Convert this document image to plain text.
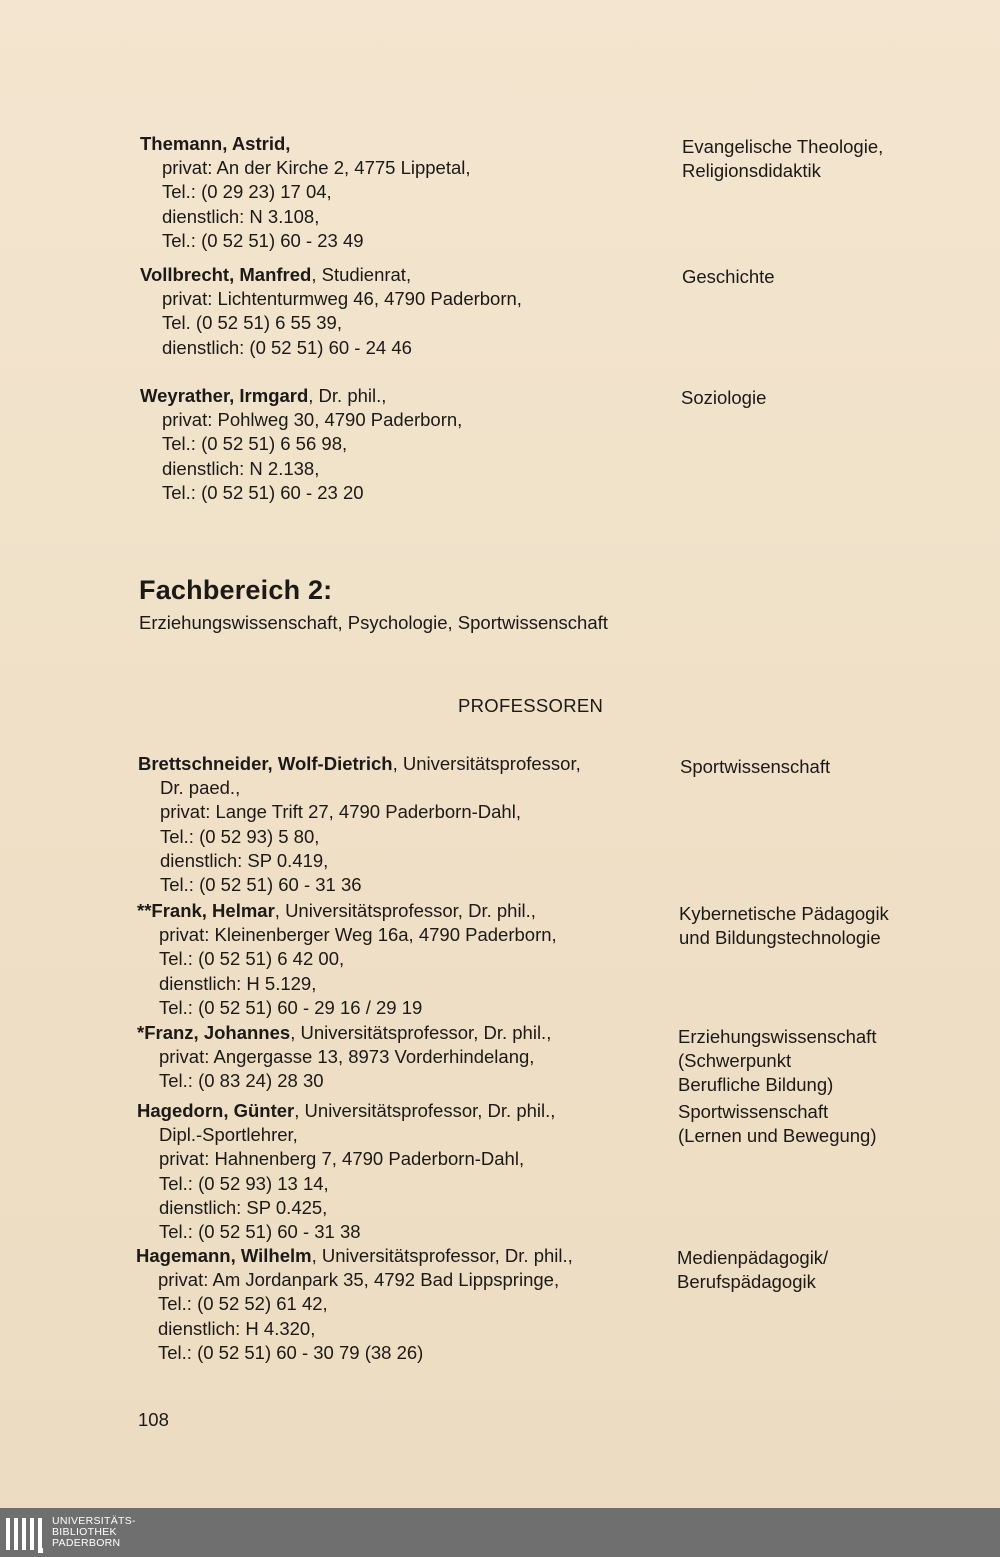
Themann, Astrid,
privat: An der Kirche 2, 4775 Lippetal,
Tel.: (0 29 23) 17 04,
dienstlich: N 3.108,
Tel.: (0 52 51) 60 - 23 49
Evangelische Theologie,
Religionsdidaktik
Vollbrecht, Manfred, Studienrat,
privat: Lichtenturmweg 46, 4790 Paderborn,
Tel. (0 52 51) 6 55 39,
dienstlich: (0 52 51) 60 - 24 46
Geschichte
Weyrather, Irmgard, Dr. phil.,
privat: Pohlweg 30, 4790 Paderborn,
Tel.: (0 52 51) 6 56 98,
dienstlich: N 2.138,
Tel.: (0 52 51) 60 - 23 20
Soziologie
Fachbereich 2:
Erziehungswissenschaft, Psychologie, Sportwissenschaft
PROFESSOREN
Brettschneider, Wolf-Dietrich, Universitätsprofessor,
Dr. paed.,
privat: Lange Trift 27, 4790 Paderborn-Dahl,
Tel.: (0 52 93) 5 80,
dienstlich: SP 0.419,
Tel.: (0 52 51) 60 - 31 36
Sportwissenschaft
**Frank, Helmar, Universitätsprofessor, Dr. phil.,
privat: Kleinenberger Weg 16a, 4790 Paderborn,
Tel.: (0 52 51) 6 42 00,
dienstlich: H 5.129,
Tel.: (0 52 51) 60 - 29 16 / 29 19
Kybernetische Pädagogik
und Bildungstechnologie
*Franz, Johannes, Universitätsprofessor, Dr. phil.,
privat: Angergasse 13, 8973 Vorderhindelang,
Tel.: (0 83 24) 28 30
Erziehungswissenschaft
(Schwerpunkt
Berufliche Bildung)
Hagedorn, Günter, Universitätsprofessor, Dr. phil.,
Dipl.-Sportlehrer,
privat: Hahnenberg 7, 4790 Paderborn-Dahl,
Tel.: (0 52 93) 13 14,
dienstlich: SP 0.425,
Tel.: (0 52 51) 60 - 31 38
Sportwissenschaft
(Lernen und Bewegung)
Hagemann, Wilhelm, Universitätsprofessor, Dr. phil.,
privat: Am Jordanpark 35, 4792 Bad Lippspringe,
Tel.: (0 52 52) 61 42,
dienstlich: H 4.320,
Tel.: (0 52 51) 60 - 30 79 (38 26)
Medienpädagogik/
Berufspädagogik
108
UNIVERSITÄTS-
BIBLIOTHEK
PADERBORN
